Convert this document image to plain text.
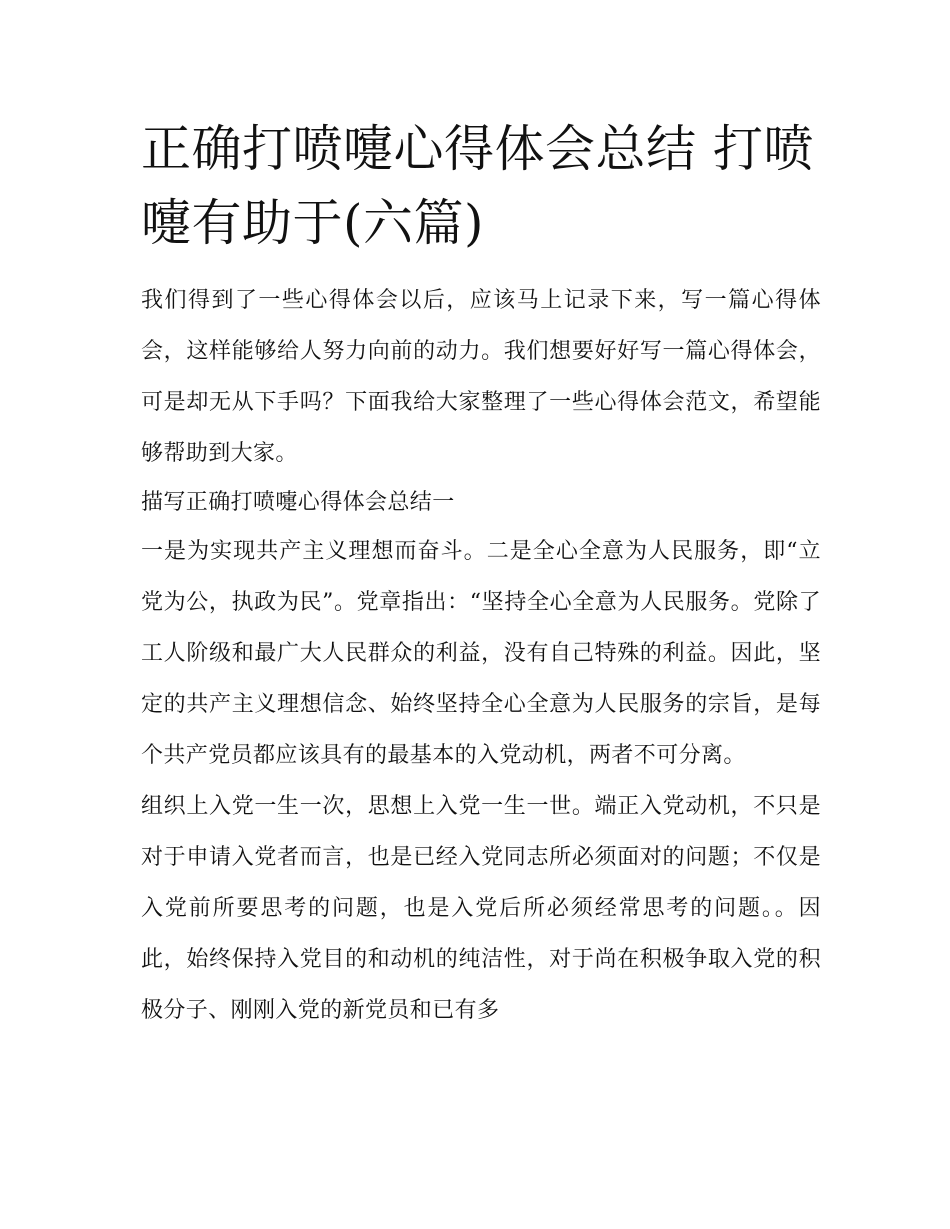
正确打喷嚏心得体会总结 打喷嚏有助于(六篇)

我们得到了一些心得体会以后，应该马上记录下来，写一篇心得体会，这样能够给人努力向前的动力。我们想要好好写一篇心得体会，可是却无从下手吗？下面我给大家整理了一些心得体会范文，希望能够帮助到大家。

描写正确打喷嚏心得体会总结一

一是为实现共产主义理想而奋斗。二是全心全意为人民服务，即“立党为公，执政为民”。党章指出：“坚持全心全意为人民服务。党除了工人阶级和最广大人民群众的利益，没有自己特殊的利益。因此，坚定的共产主义理想信念、始终坚持全心全意为人民服务的宗旨，是每个共产党员都应该具有的最基本的入党动机，两者不可分离。

组织上入党一生一次，思想上入党一生一世。端正入党动机，不只是对于申请入党者而言，也是已经入党同志所必须面对的问题；不仅是入党前所要思考的问题，也是入党后所必须经常思考的问题。。因此，始终保持入党目的和动机的纯洁性，对于尚在积极争取入党的积极分子、刚刚入党的新党员和已有多
